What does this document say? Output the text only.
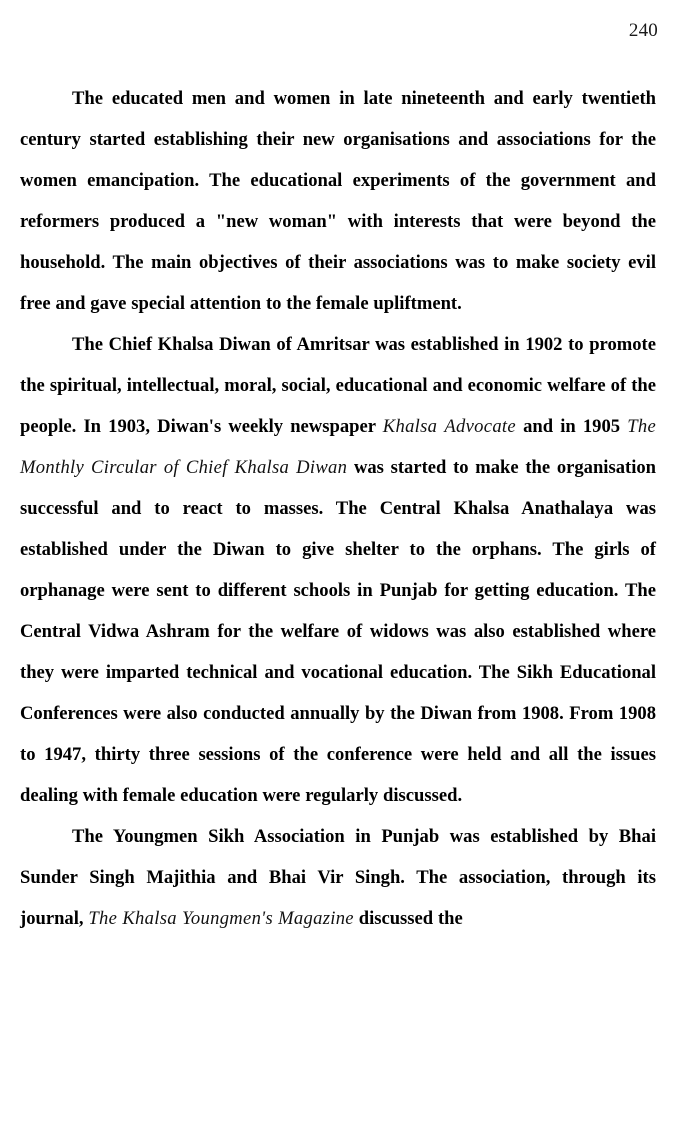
240

The educated men and women in late nineteenth and early twentieth century started establishing their new organisations and associations for the women emancipation. The educational experiments of the government and reformers produced a "new woman" with interests that were beyond the household. The main objectives of their associations was to make society evil free and gave special attention to the female upliftment.

The Chief Khalsa Diwan of Amritsar was established in 1902 to promote the spiritual, intellectual, moral, social, educational and economic welfare of the people. In 1903, Diwan's weekly newspaper Khalsa Advocate and in 1905 The Monthly Circular of Chief Khalsa Diwan was started to make the organisation successful and to react to masses. The Central Khalsa Anathalaya was established under the Diwan to give shelter to the orphans. The girls of orphanage were sent to different schools in Punjab for getting education. The Central Vidwa Ashram for the welfare of widows was also established where they were imparted technical and vocational education. The Sikh Educational Conferences were also conducted annually by the Diwan from 1908. From 1908 to 1947, thirty three sessions of the conference were held and all the issues dealing with female education were regularly discussed.

The Youngmen Sikh Association in Punjab was established by Bhai Sunder Singh Majithia and Bhai Vir Singh. The association, through its journal, The Khalsa Youngmen's Magazine discussed the
